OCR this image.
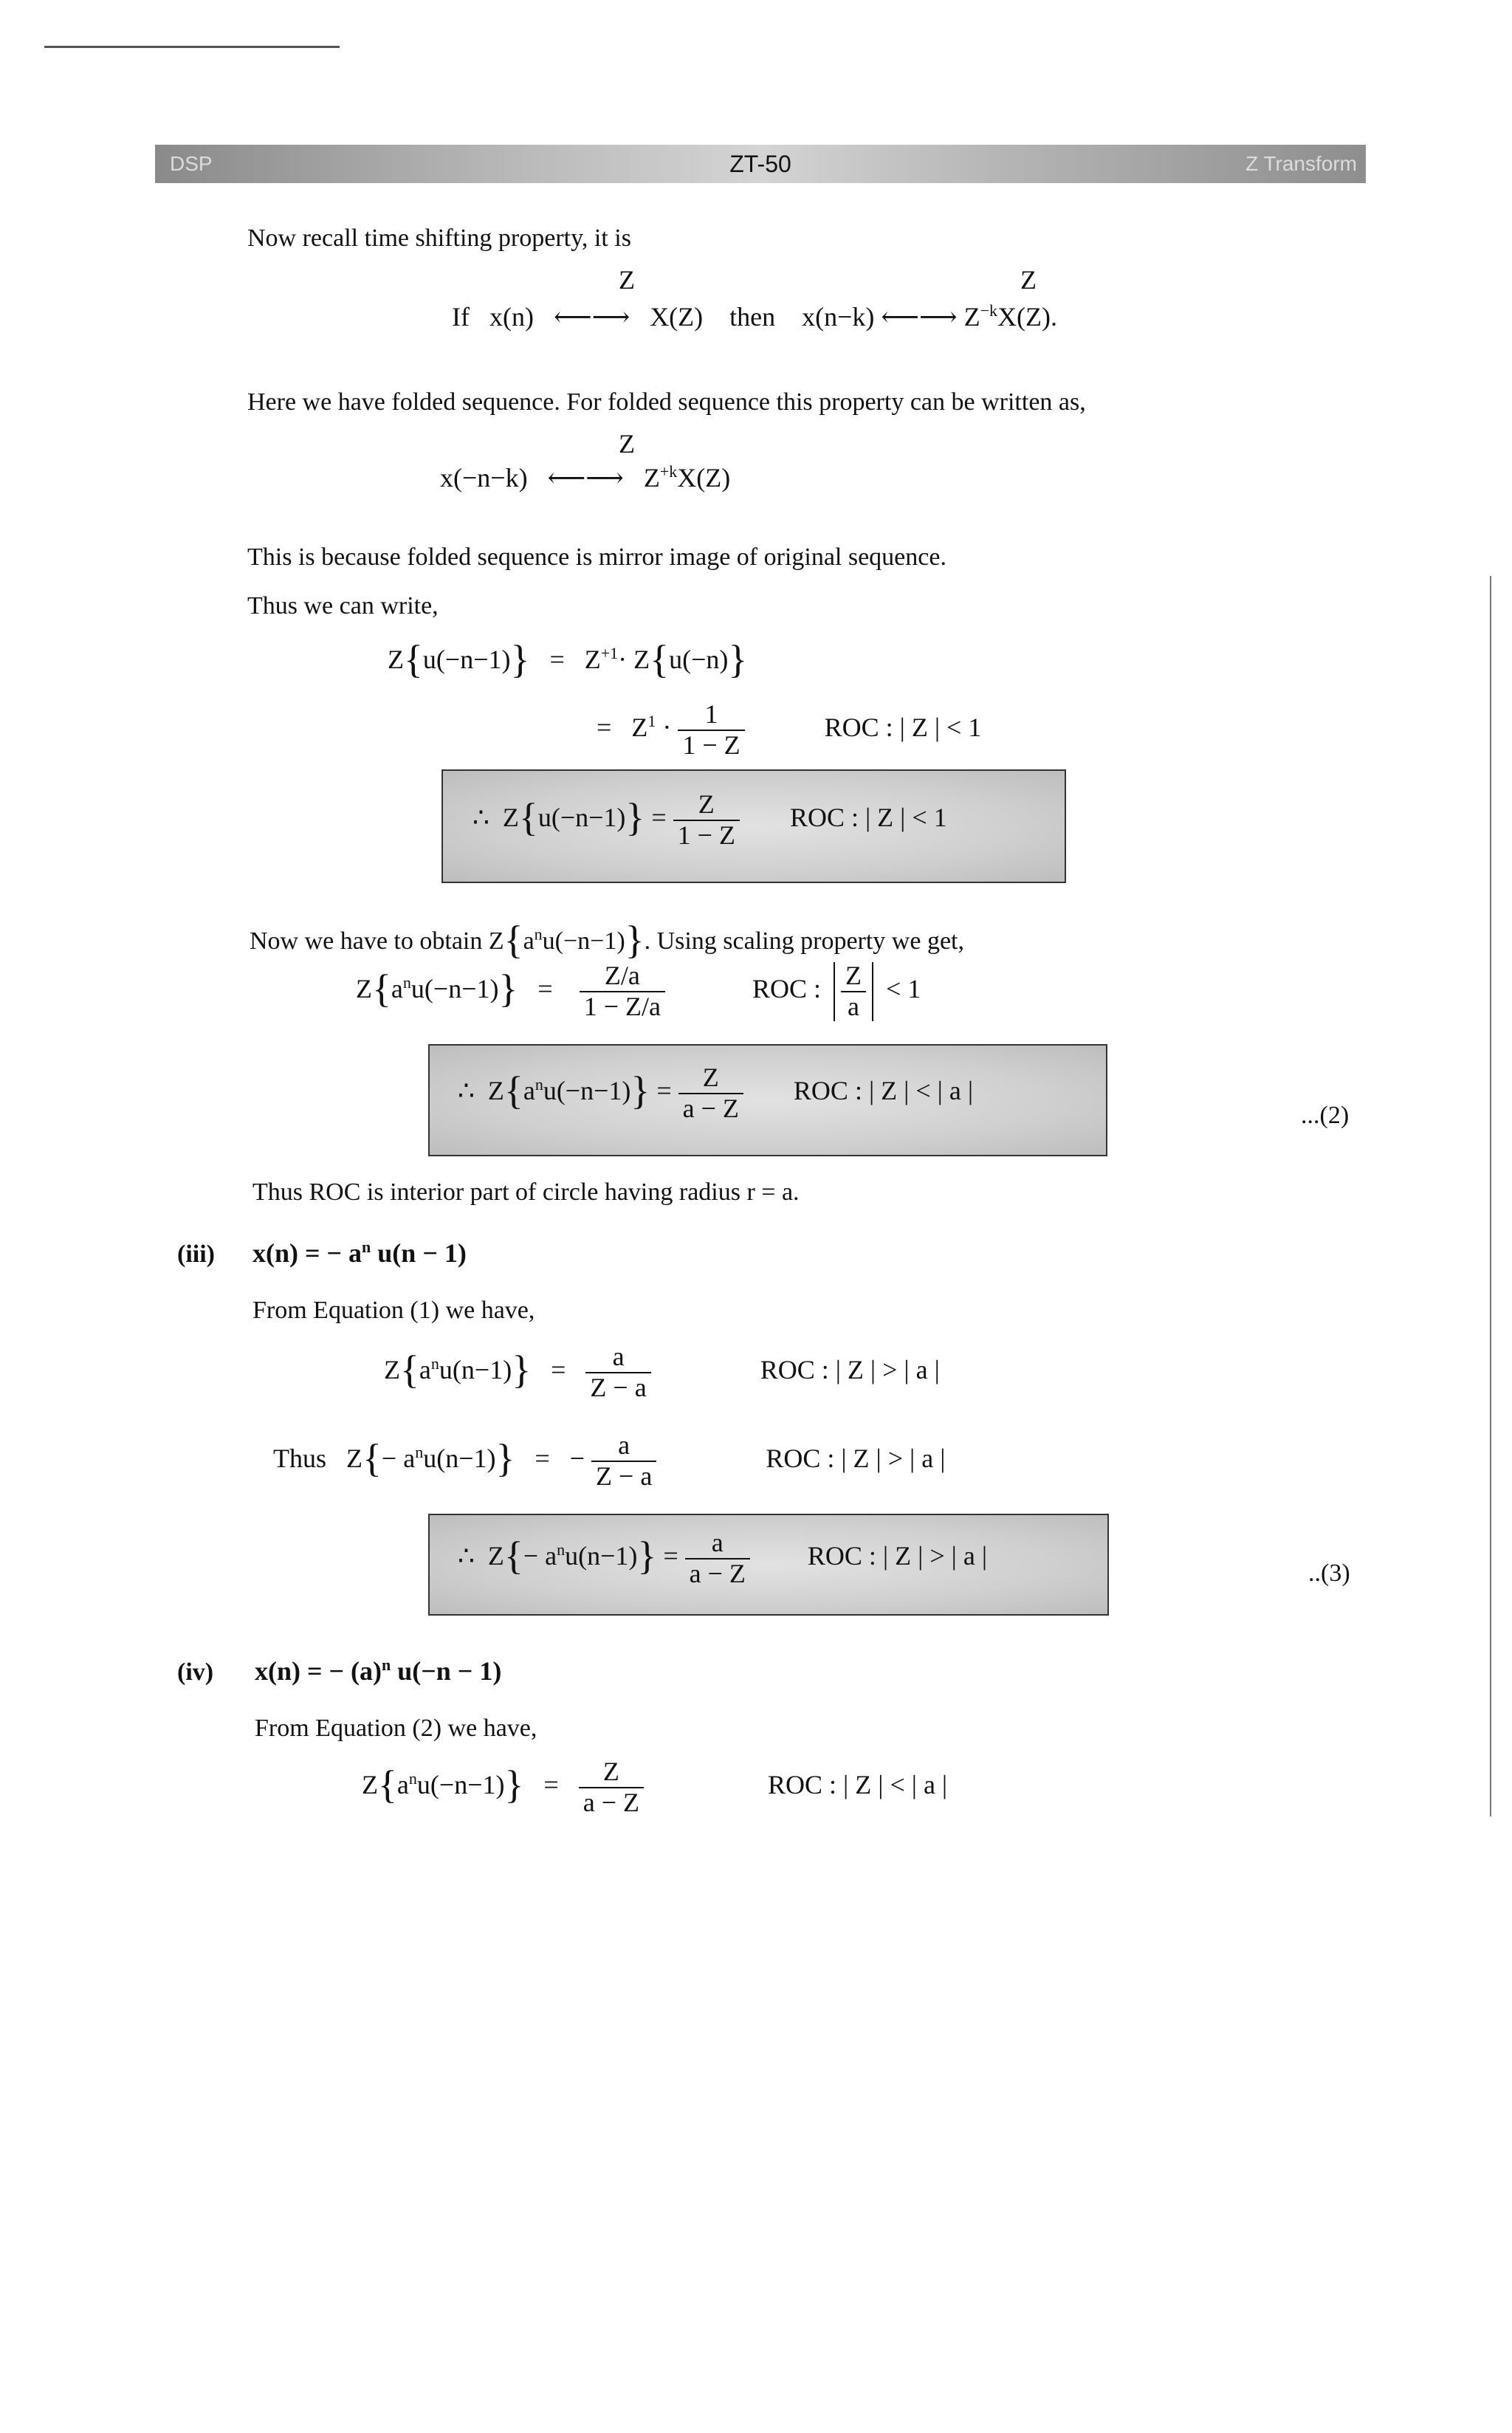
DSP	ZT-50	Z Transform
Now recall time shifting property, it is
Z	Z
If x(n) ⟵⟶ X(Z) then x(n−k) ⟵⟶ $Z^{-k}X(Z)$.
Here we have folded sequence. For folded sequence this property can be written as,
Z
x(−n−k) ⟵⟶ $Z^{+k}X(Z)$
This is because folded sequence is mirror image of original sequence.
Thus we can write,
$Z\{u(-n-1)\} = Z^{+1}\cdot Z\{u(-n)\}$
= $Z^1 \cdot \frac{1}{1 - Z}$	ROC : | Z | < 1
∴ $Z\{u(-n-1)\} = \frac{Z}{1 - Z}$ ROC : | Z | < 1
Now we have to obtain $Z\{a^nu(-n-1)\}$. Using scaling property we get,
$Z\{a^nu(-n-1)\} = \frac{Z/a}{1 - Z/a}$	ROC : $\frac{Z}{a} < 1$
∴ $Z\{a^nu(-n-1)\} = \frac{Z}{a - Z}$ ROC : | Z | < | a |
...(2)
Thus ROC is interior part of circle having radius r = a.
(iii) x(n) = − $a^n$ u(n − 1)
From Equation (1) we have,
$Z\{a^nu(n-1)\} = \frac{a}{Z - a}$	ROC : | Z | > | a |
Thus $Z\{- a^nu(n-1)\}$ = − $\frac{a}{Z - a}$	ROC : | Z | > | a |
∴ $Z\{- a^nu(n-1)\} = \frac{a}{a - Z}$ ROC : | Z | > | a |
..(3)
(iv) x(n) = − $(a)^n$ u(−n − 1)
From Equation (2) we have,
$Z\{a^nu(-n-1)\} = \frac{Z}{a - Z}$	ROC : | Z | < | a |
